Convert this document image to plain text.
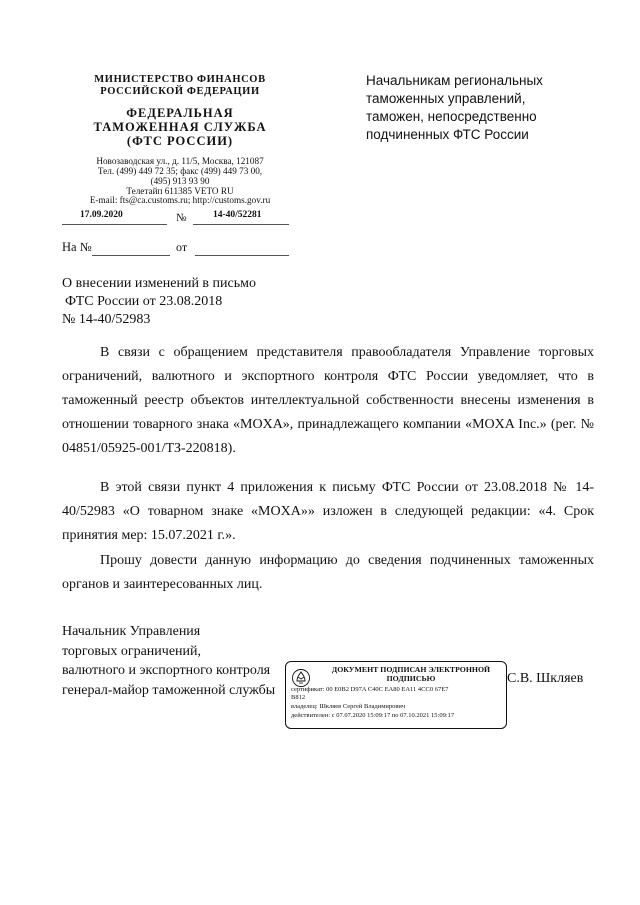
МИНИСТЕРСТВО ФИНАНСОВ
РОССИЙСКОЙ ФЕДЕРАЦИИ
ФЕДЕРАЛЬНАЯ
ТАМОЖЕННАЯ СЛУЖБА
(ФТС РОССИИ)
Новозаводская ул., д. 11/5, Москва, 121087
Тел. (499) 449 72 35; факс (499) 449 73 00,
(495) 913 93 90
Телетайп 611385 VETO RU
E-mail: fts@ca.customs.ru; http://customs.gov.ru
17.09.2020	№	14-40/52281
На №	от
Начальникам региональных
таможенных управлений,
таможен, непосредственно
подчиненных ФТС России
О внесении изменений в письмо
ФТС России от 23.08.2018
№ 14-40/52983
В связи с обращением представителя правообладателя Управление торговых ограничений, валютного и экспортного контроля ФТС России уведомляет, что в таможенный реестр объектов интеллектуальной собственности внесены изменения в отношении товарного знака «MOXA», принадлежащего компании «MOXA Inc.» (рег. № 04851/05925-001/ТЗ-220818).
В этой связи пункт 4 приложения к письму ФТС России от 23.08.2018 № 14-40/52983 «О товарном знаке «MOXA»» изложен в следующей редакции: «4. Срок принятия мер: 15.07.2021 г.».
Прошу довести данную информацию до сведения подчиненных таможенных органов и заинтересованных лиц.
Начальник Управления
торговых ограничений,
валютного и экспортного контроля
генерал-майор таможенной службы
С.В. Шкляев
ДОКУМЕНТ ПОДПИСАН ЭЛЕКТРОННОЙ
ПОДПИСЬЮ
сертификат: 00 E0B2 D97A C40C EA80 EA11 4CC0 67E7
B812
владелец: Шкляев Сергей Владимирович
действителен: с 07.07.2020 15:09:17 по 07.10.2021 15:09:17
